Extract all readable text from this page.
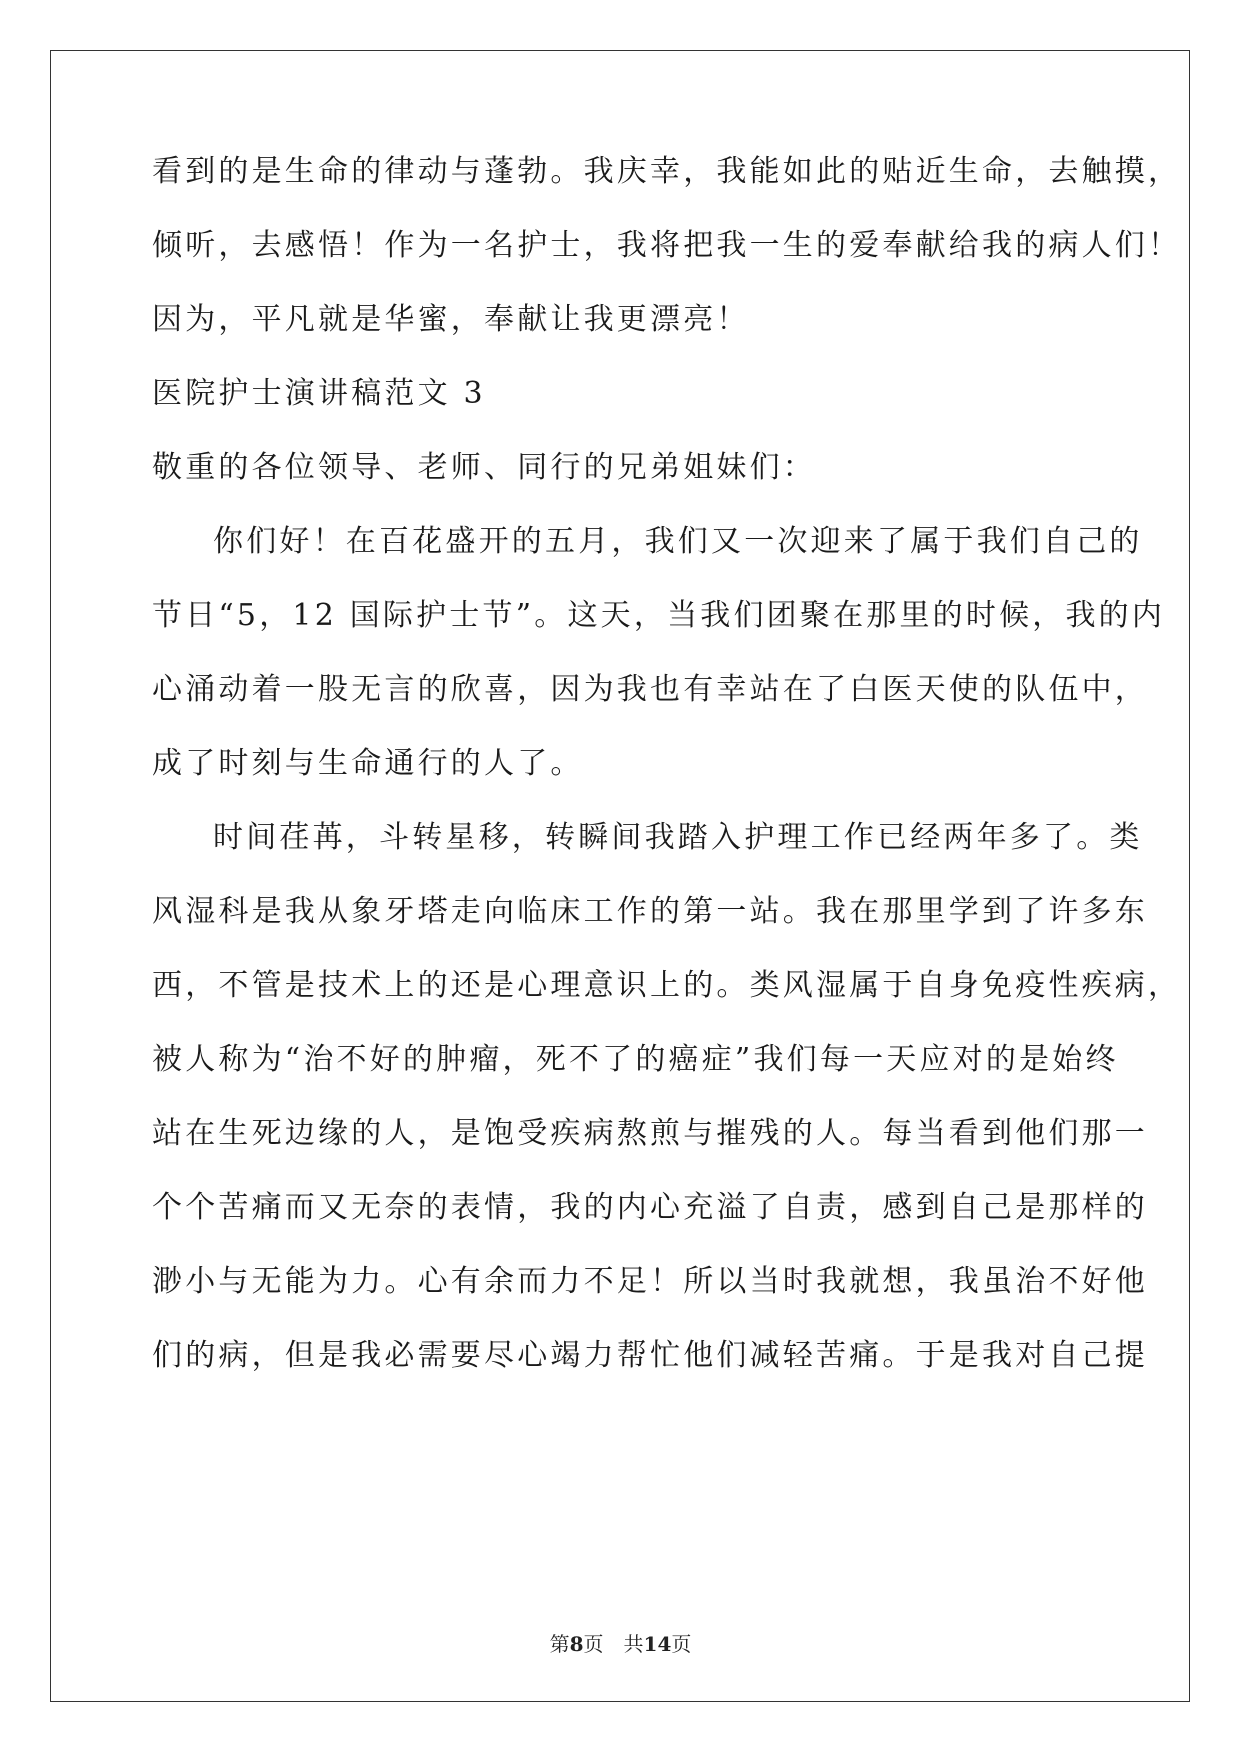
看到的是生命的律动与蓬勃。我庆幸，我能如此的贴近生命，去触摸，
倾听，去感悟！作为一名护士，我将把我一生的爱奉献给我的病人们！
因为，平凡就是华蜜，奉献让我更漂亮！
医院护士演讲稿范文 3
敬重的各位领导、老师、同行的兄弟姐妹们：
你们好！在百花盛开的五月，我们又一次迎来了属于我们自己的
节日“5，12 国际护士节”。这天，当我们团聚在那里的时候，我的内
心涌动着一股无言的欣喜，因为我也有幸站在了白医天使的队伍中，
成了时刻与生命通行的人了。
时间荏苒，斗转星移，转瞬间我踏入护理工作已经两年多了。类
风湿科是我从象牙塔走向临床工作的第一站。我在那里学到了许多东
西，不管是技术上的还是心理意识上的。类风湿属于自身免疫性疾病，
被人称为“治不好的肿瘤，死不了的癌症”我们每一天应对的是始终
站在生死边缘的人，是饱受疾病熬煎与摧残的人。每当看到他们那一
个个苦痛而又无奈的表情，我的内心充溢了自责，感到自己是那样的
渺小与无能为力。心有余而力不足！所以当时我就想，我虽治不好他
们的病，但是我必需要尽心竭力帮忙他们减轻苦痛。于是我对自己提
第8页　共14页
